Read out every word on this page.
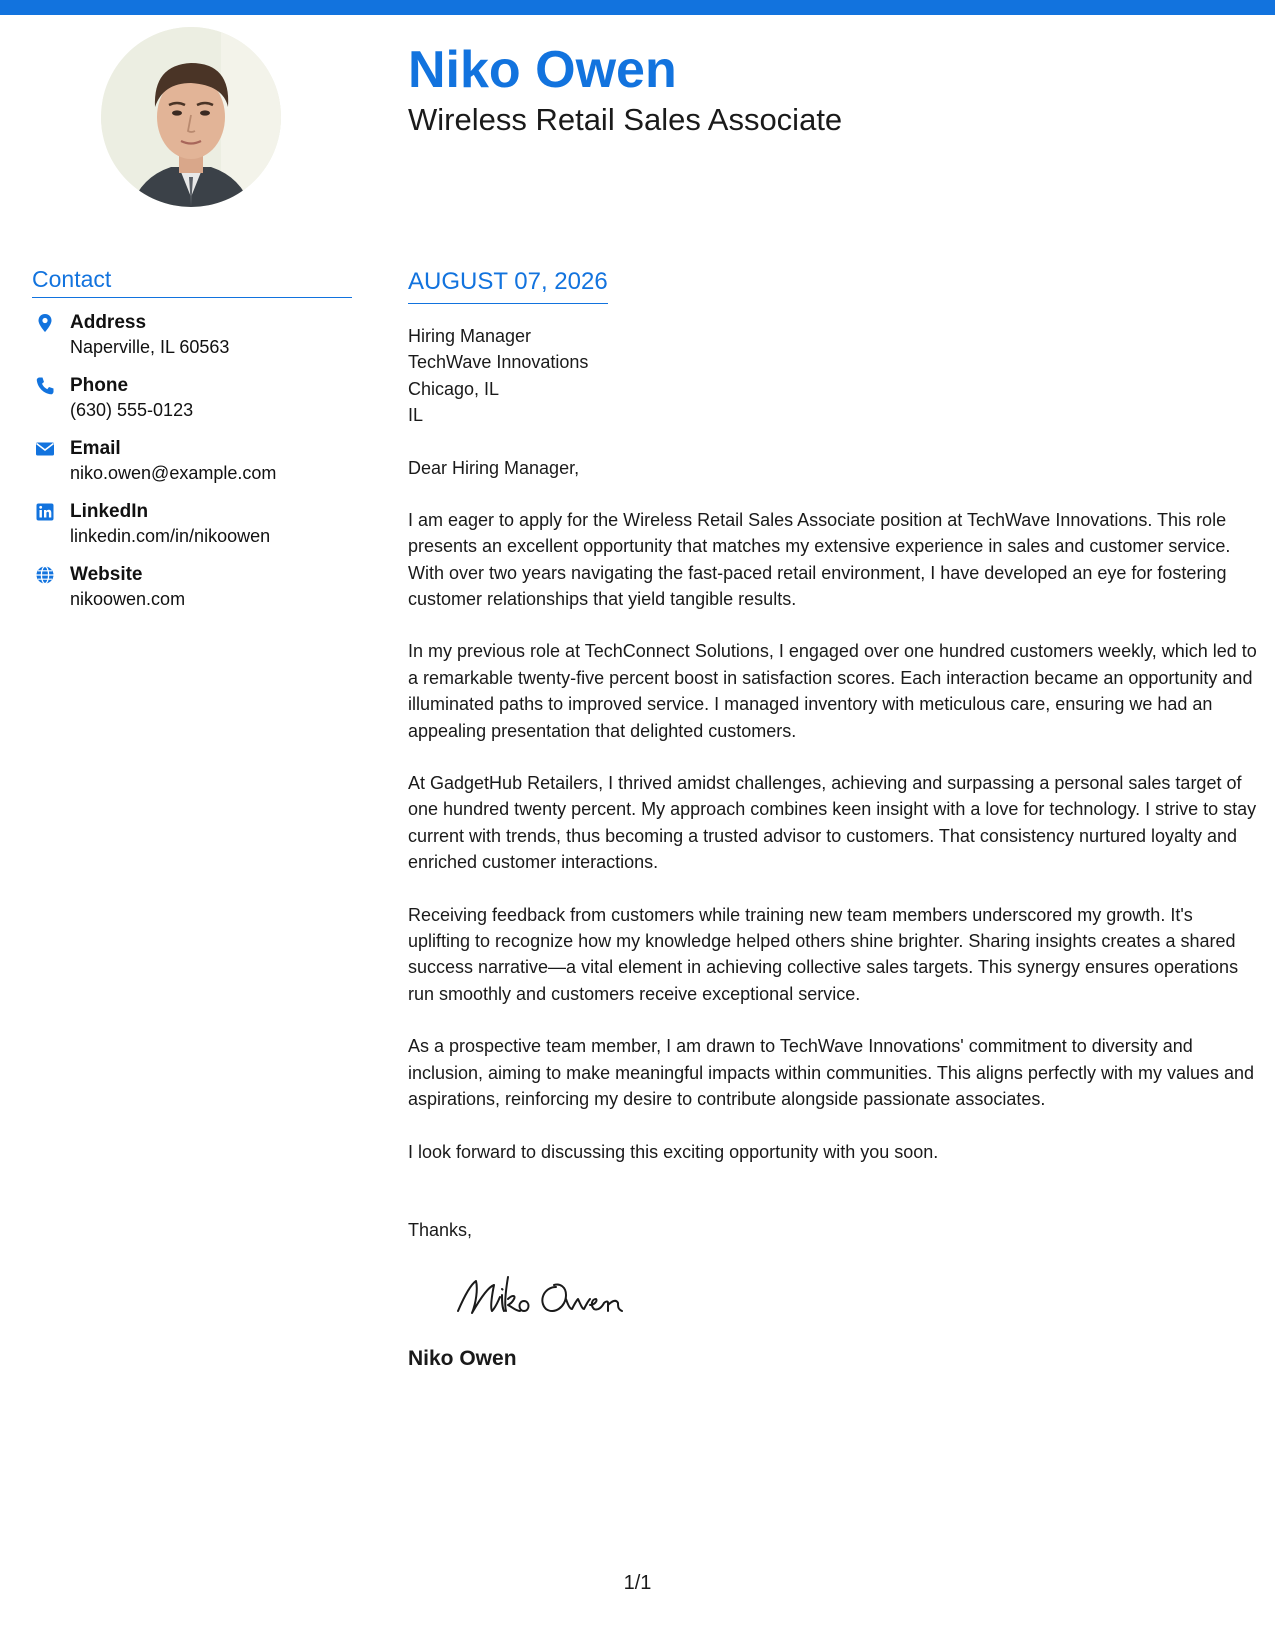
Niko Owen
Wireless Retail Sales Associate
Contact
Address
Naperville, IL 60563
Phone
(630) 555-0123
Email
niko.owen@example.com
LinkedIn
linkedin.com/in/nikoowen
Website
nikoowen.com
AUGUST 07, 2026
Hiring Manager
TechWave Innovations
Chicago, IL
IL
Dear Hiring Manager,
I am eager to apply for the Wireless Retail Sales Associate position at TechWave Innovations. This role presents an excellent opportunity that matches my extensive experience in sales and customer service. With over two years navigating the fast-paced retail environment, I have developed an eye for fostering customer relationships that yield tangible results.
In my previous role at TechConnect Solutions, I engaged over one hundred customers weekly, which led to a remarkable twenty-five percent boost in satisfaction scores. Each interaction became an opportunity and illuminated paths to improved service. I managed inventory with meticulous care, ensuring we had an appealing presentation that delighted customers.
At GadgetHub Retailers, I thrived amidst challenges, achieving and surpassing a personal sales target of one hundred twenty percent. My approach combines keen insight with a love for technology. I strive to stay current with trends, thus becoming a trusted advisor to customers. That consistency nurtured loyalty and enriched customer interactions.
Receiving feedback from customers while training new team members underscored my growth. It's uplifting to recognize how my knowledge helped others shine brighter. Sharing insights creates a shared success narrative—a vital element in achieving collective sales targets. This synergy ensures operations run smoothly and customers receive exceptional service.
As a prospective team member, I am drawn to TechWave Innovations' commitment to diversity and inclusion, aiming to make meaningful impacts within communities. This aligns perfectly with my values and aspirations, reinforcing my desire to contribute alongside passionate associates.
I look forward to discussing this exciting opportunity with you soon.
Thanks,
Niko Owen
1/1
